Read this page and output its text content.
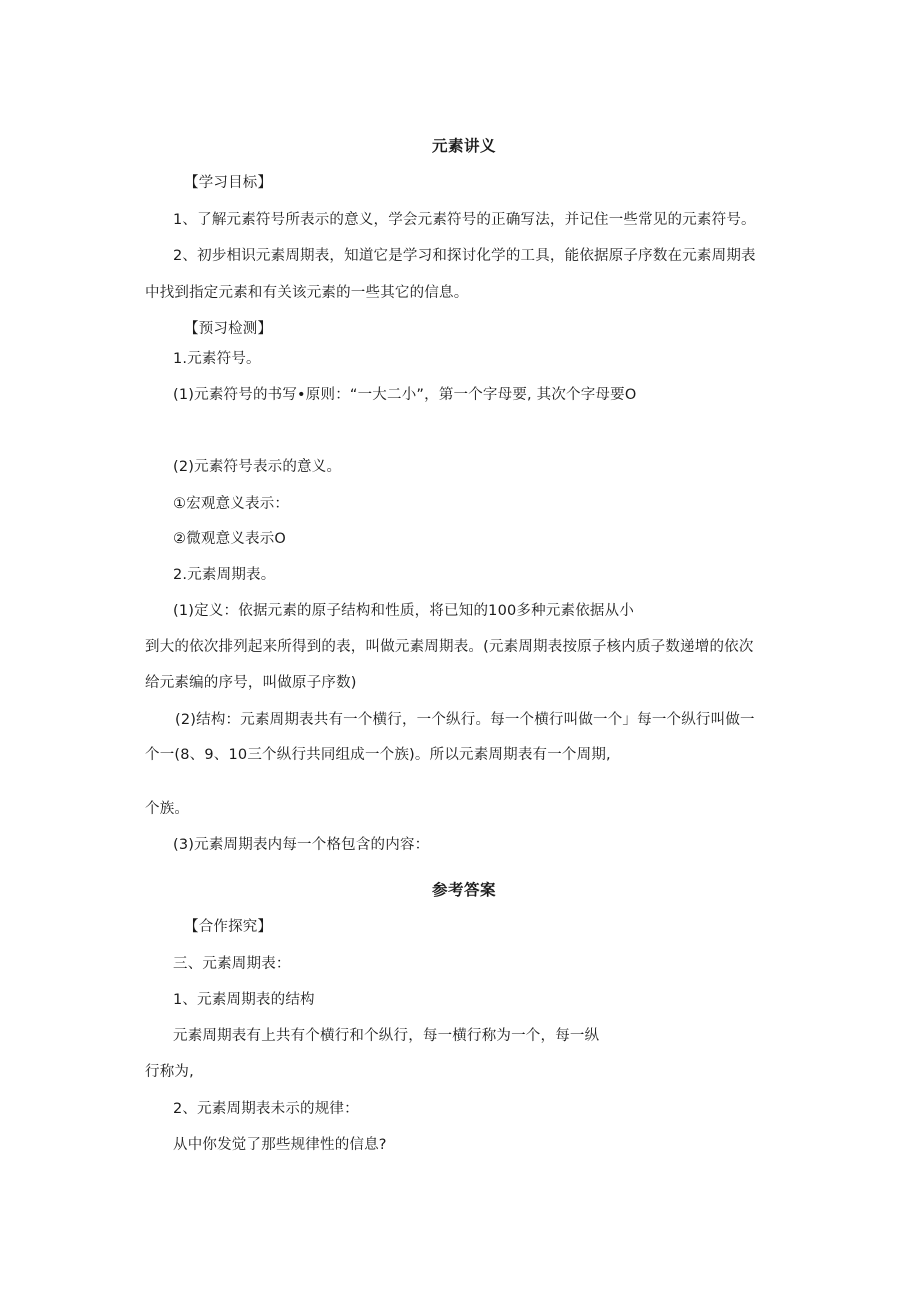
元素讲义
【学习目标】
1、了解元素符号所表示的意义，学会元素符号的正确写法，并记住一些常见的元素符号。
2、初步相识元素周期表，知道它是学习和探讨化学的工具，能依据原子序数在元素周期表
中找到指定元素和有关该元素的一些其它的信息。
【预习检测】
1.元素符号。
(1)元素符号的书写•原则：“一大二小”，第一个字母要, 其次个字母要O
(2)元素符号表示的意义。
①宏观意义表示：
②微观意义表示O
2.元素周期表。
(1)定义：依据元素的原子结构和性质，将已知的100多种元素依据从小
到大的依次排列起来所得到的表，叫做元素周期表。(元素周期表按原子核内质子数递增的依次
给元素编的序号，叫做原子序数)
(2)结构：元素周期表共有一个横行，一个纵行。每一个横行叫做一个」每一个纵行叫做一
个一(8、9、10三个纵行共同组成一个族)。所以元素周期表有一个周期,
个族。
(3)元素周期表内每一个格包含的内容：
参考答案
【合作探究】
三、元素周期表：
1、元素周期表的结构
元素周期表有上共有个横行和个纵行，每一横行称为一个，每一纵
行称为,
2、元素周期表未示的规律：
从中你发觉了那些规律性的信息?
